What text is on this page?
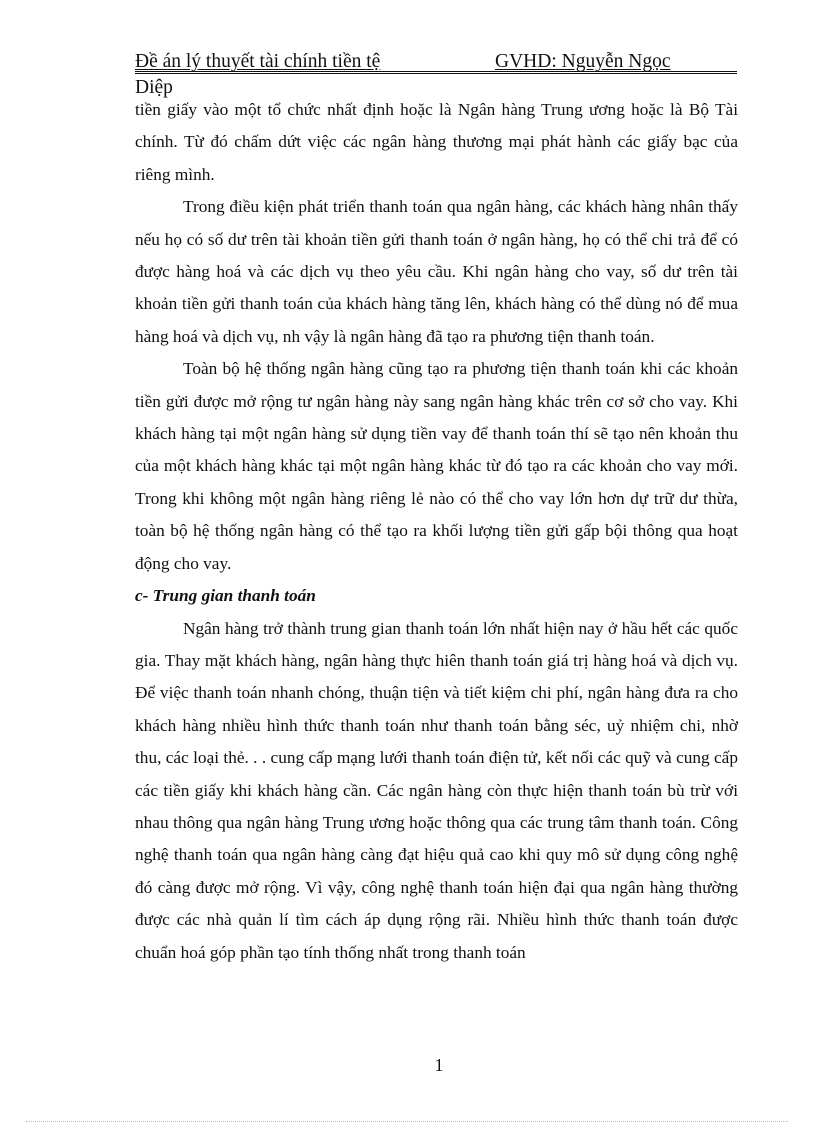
Đề án lý thuyết tài chính tiền tệ	GVHD: Nguyễn Ngọc
Diệp

tiền giấy vào một tổ chức nhất định hoặc là Ngân hàng Trung ương hoặc là Bộ Tài chính. Từ đó chấm dứt việc các ngân hàng thương mại phát hành các giấy bạc của riêng mình.

Trong điều kiện phát triển thanh toán qua ngân hàng, các khách hàng nhân thấy nếu họ có số dư trên tài khoản tiền gửi thanh toán ở ngân hàng, họ có thể chi trả để có được hàng hoá và các dịch vụ theo yêu cầu. Khi ngân hàng cho vay, số dư trên tài khoản tiền gửi thanh toán của khách hàng tăng lên, khách hàng có thể dùng nó để mua hàng hoá và dịch vụ, nh vậy là ngân hàng đã tạo ra phương tiện thanh toán.

Toàn bộ hệ thống ngân hàng cũng tạo ra phương tiện thanh toán khi các khoản tiền gửi được mở rộng tư ngân hàng này sang ngân hàng khác trên cơ sở cho vay. Khi khách hàng tại một ngân hàng sử dụng tiền vay để thanh toán thí sẽ tạo nên khoản thu của một khách hàng khác tại một ngân hàng khác từ đó tạo ra các khoản cho vay mới. Trong khi không một ngân hàng riêng lẻ nào có thể cho vay lớn hơn dự trữ dư thừa, toàn bộ hệ thống ngân hàng có thể tạo ra khối lượng tiền gửi gấp bội thông qua hoạt động cho vay.

c- Trung gian thanh toán

Ngân hàng trở thành trung gian thanh toán lớn nhất hiện nay ở hầu hết các quốc gia. Thay mặt khách hàng, ngân hàng thực hiên thanh toán giá trị hàng hoá và dịch vụ. Để việc thanh toán nhanh chóng, thuận tiện và tiết kiệm chi phí, ngân hàng đưa ra cho khách hàng nhiều hình thức thanh toán như thanh toán bằng séc, uỷ nhiệm chi, nhờ thu, các loại thẻ. . . cung cấp mạng lưới thanh toán điện tử, kết nối các quỹ và cung cấp các tiền giấy khi khách hàng cần. Các ngân hàng còn thực hiện thanh toán bù trừ với nhau thông qua ngân hàng Trung ương hoặc thông qua các trung tâm thanh toán. Công nghệ thanh toán qua ngân hàng càng đạt hiệu quả cao khi quy mô sử dụng công nghệ đó càng được mở rộng. Vì vậy, công nghệ thanh toán hiện đại qua ngân hàng thường được các nhà quản lí tìm cách áp dụng rộng rãi. Nhiều hình thức thanh toán được chuẩn hoá góp phần tạo tính thống nhất trong thanh toán

1
